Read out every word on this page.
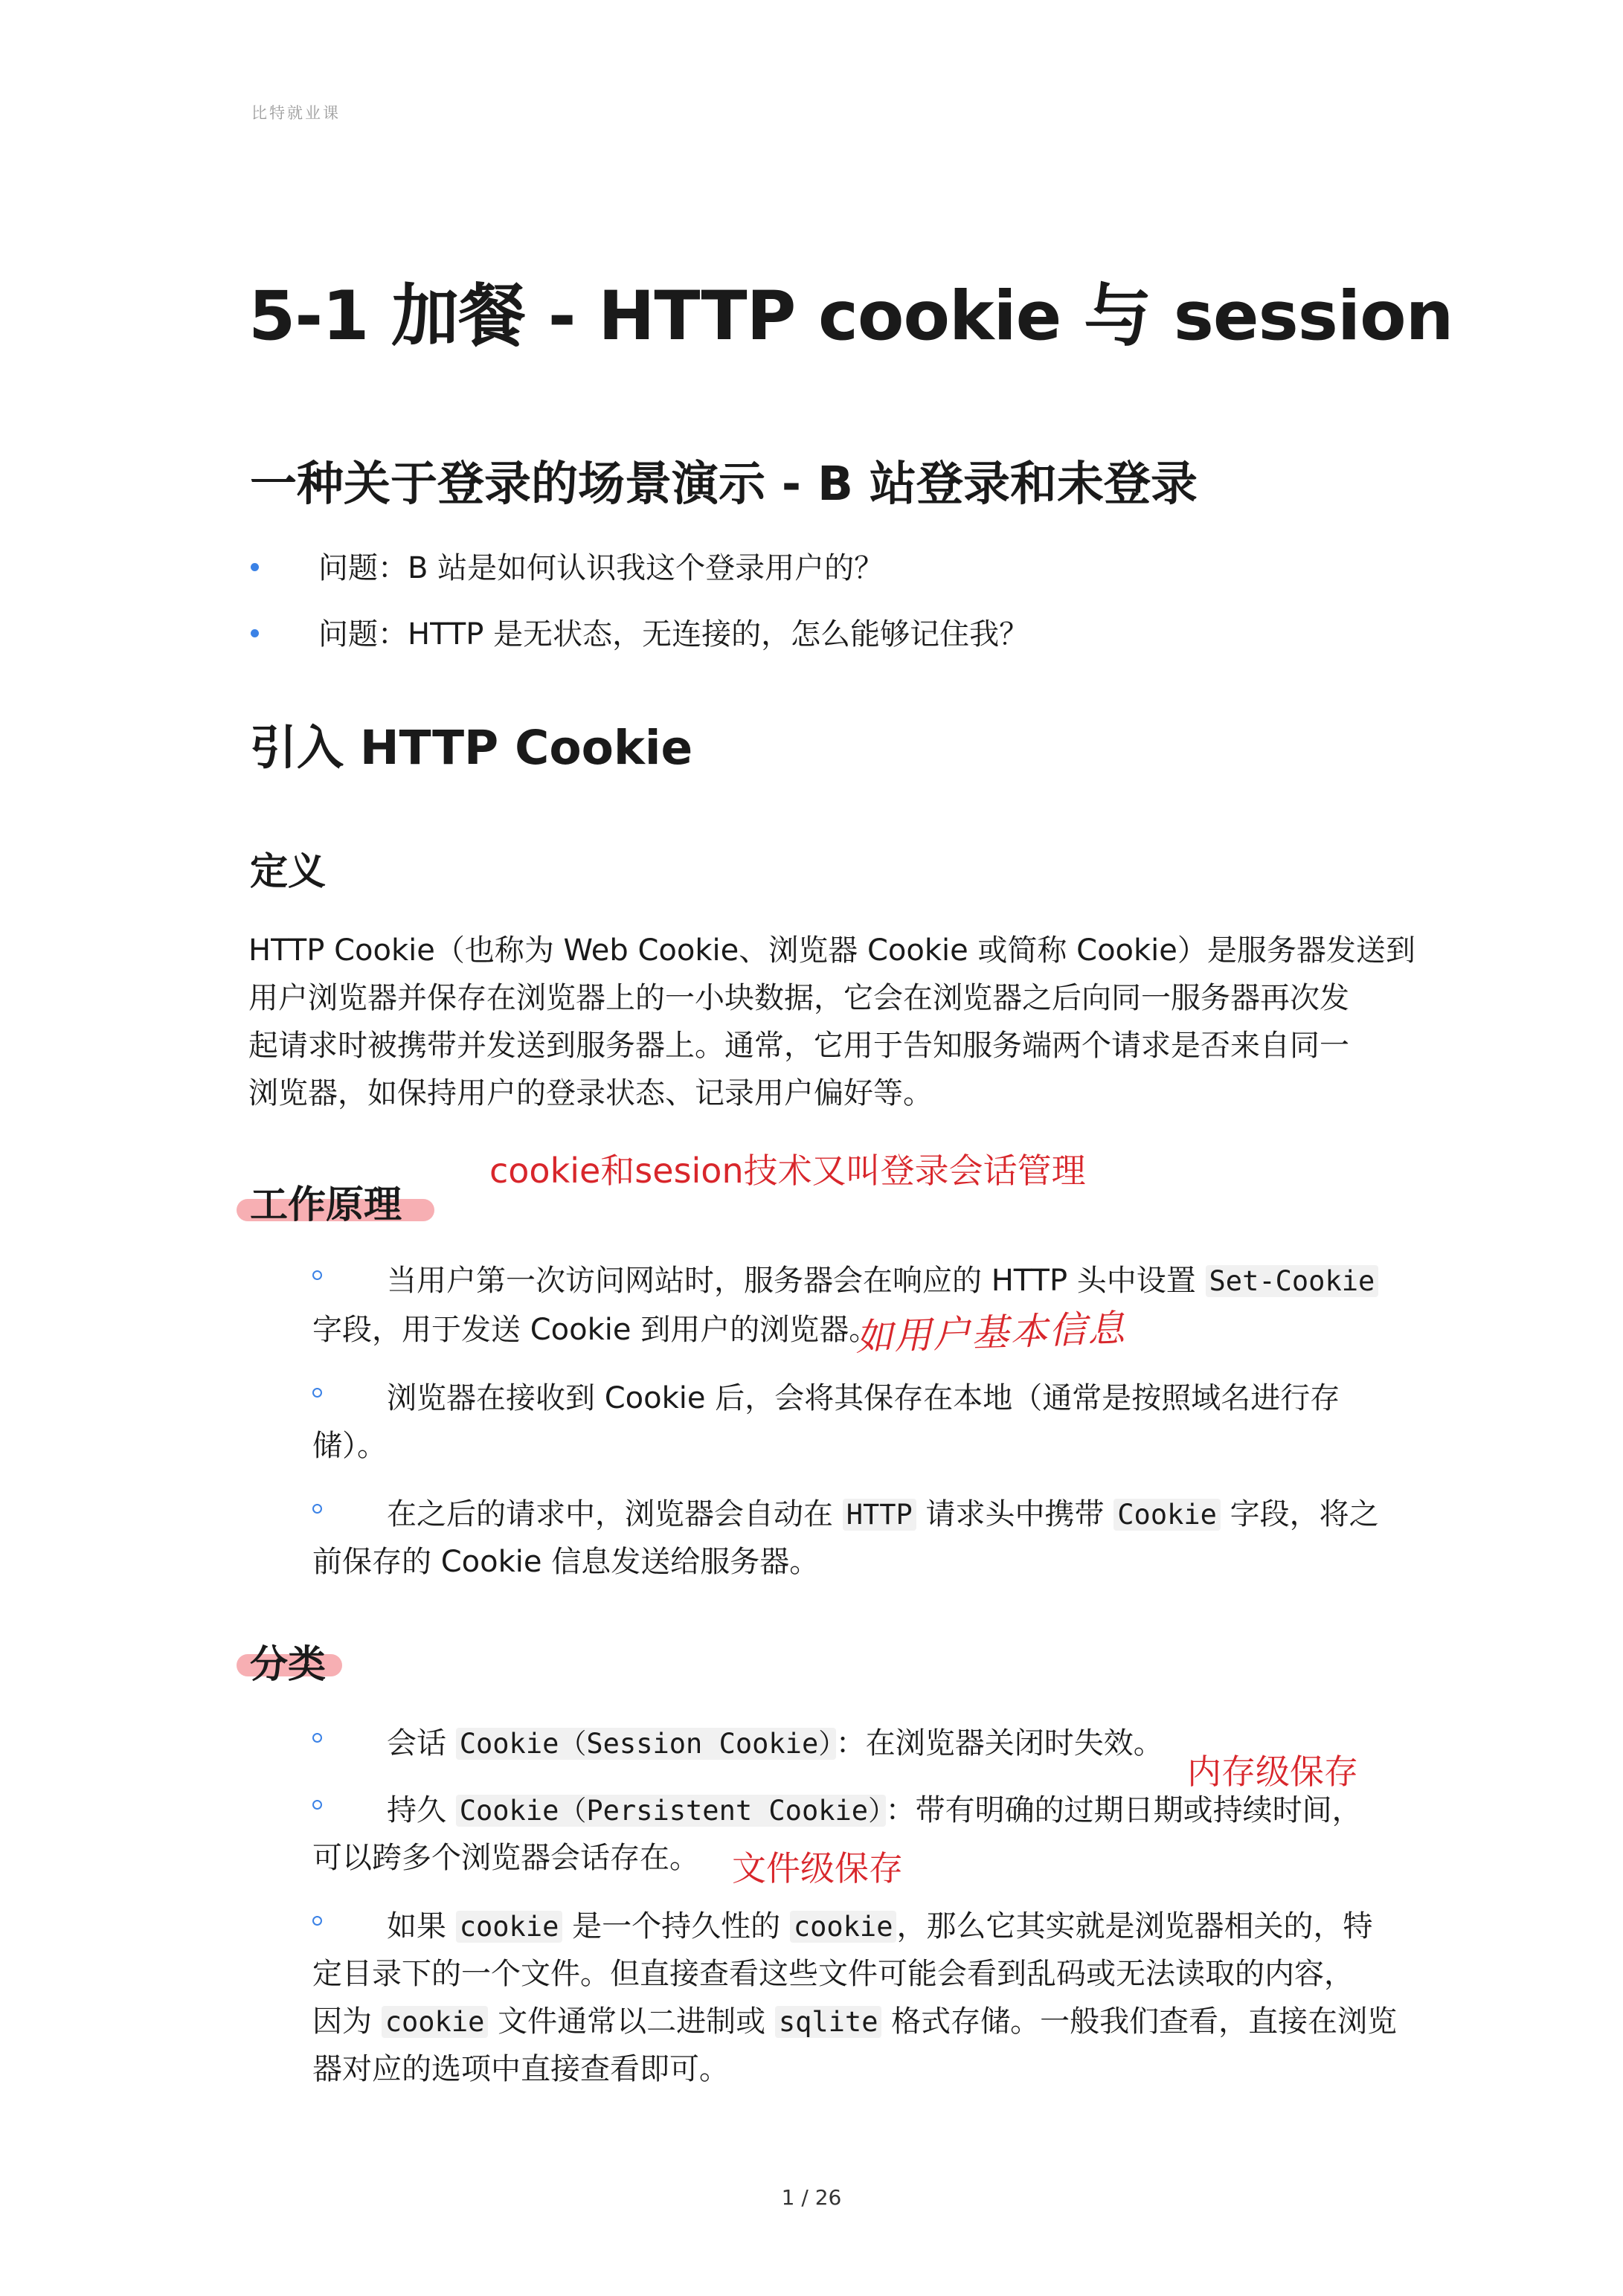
比特就业课
5-1 加餐 - HTTP cookie 与 session
一种关于登录的场景演示 - B 站登录和未登录
问题：B 站是如何认识我这个登录用户的？
问题：HTTP 是无状态，无连接的，怎么能够记住我？
引入 HTTP Cookie
定义
HTTP Cookie（也称为 Web Cookie、浏览器 Cookie 或简称 Cookie）是服务器发送到
用户浏览器并保存在浏览器上的一小块数据，它会在浏览器之后向同一服务器再次发
起请求时被携带并发送到服务器上。通常，它用于告知服务端两个请求是否来自同一
浏览器，如保持用户的登录状态、记录用户偏好等。
工作原理
cookie和sesion技术又叫登录会话管理
当用户第一次访问网站时，服务器会在响应的 HTTP 头中设置 Set-Cookie
字段，用于发送 Cookie 到用户的浏览器。
如用户基本信息
浏览器在接收到 Cookie 后，会将其保存在本地（通常是按照域名进行存
储）。
在之后的请求中，浏览器会自动在 HTTP 请求头中携带 Cookie 字段，将之
前保存的 Cookie 信息发送给服务器。
分类
会话 Cookie（Session Cookie） ：在浏览器关闭时失效。
内存级保存
持久 Cookie（Persistent Cookie） ：带有明确的过期日期或持续时间，
可以跨多个浏览器会话存在。 文件级保存
如果 cookie 是一个持久性的 cookie ，那么它其实就是浏览器相关的，特
定目录下的一个文件。但直接查看这些文件可能会看到乱码或无法读取的内容，
因为 cookie 文件通常以二进制或 sqlite 格式存储。一般我们查看，直接在浏览
器对应的选项中直接查看即可。
1 / 26
